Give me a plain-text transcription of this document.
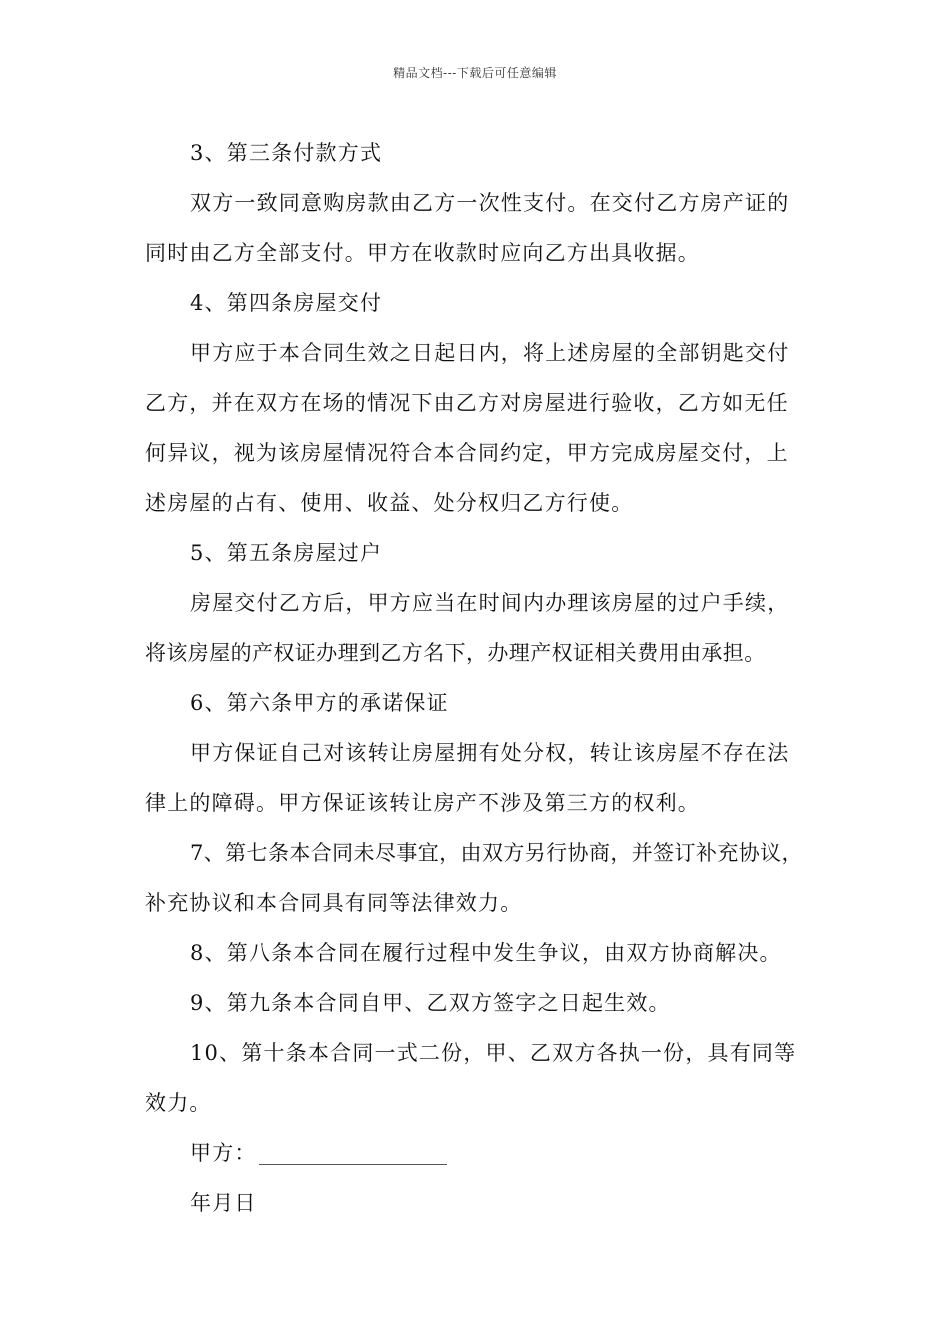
精品文档---下载后可任意编辑
3、第三条付款方式
双方一致同意购房款由乙方一次性支付。在交付乙方房产证的
同时由乙方全部支付。甲方在收款时应向乙方出具收据。
4、第四条房屋交付
甲方应于本合同生效之日起日内，将上述房屋的全部钥匙交付
乙方，并在双方在场的情况下由乙方对房屋进行验收，乙方如无任
何异议，视为该房屋情况符合本合同约定，甲方完成房屋交付，上
述房屋的占有、使用、收益、处分权归乙方行使。
5、第五条房屋过户
房屋交付乙方后，甲方应当在时间内办理该房屋的过户手续，
将该房屋的产权证办理到乙方名下，办理产权证相关费用由承担。
6、第六条甲方的承诺保证
甲方保证自己对该转让房屋拥有处分权，转让该房屋不存在法
律上的障碍。甲方保证该转让房产不涉及第三方的权利。
7、第七条本合同未尽事宜，由双方另行协商，并签订补充协议，
补充协议和本合同具有同等法律效力。
8、第八条本合同在履行过程中发生争议，由双方协商解决。
9、第九条本合同自甲、乙双方签字之日起生效。
10、第十条本合同一式二份，甲、乙双方各执一份，具有同等
效力。
甲方：
年月日
